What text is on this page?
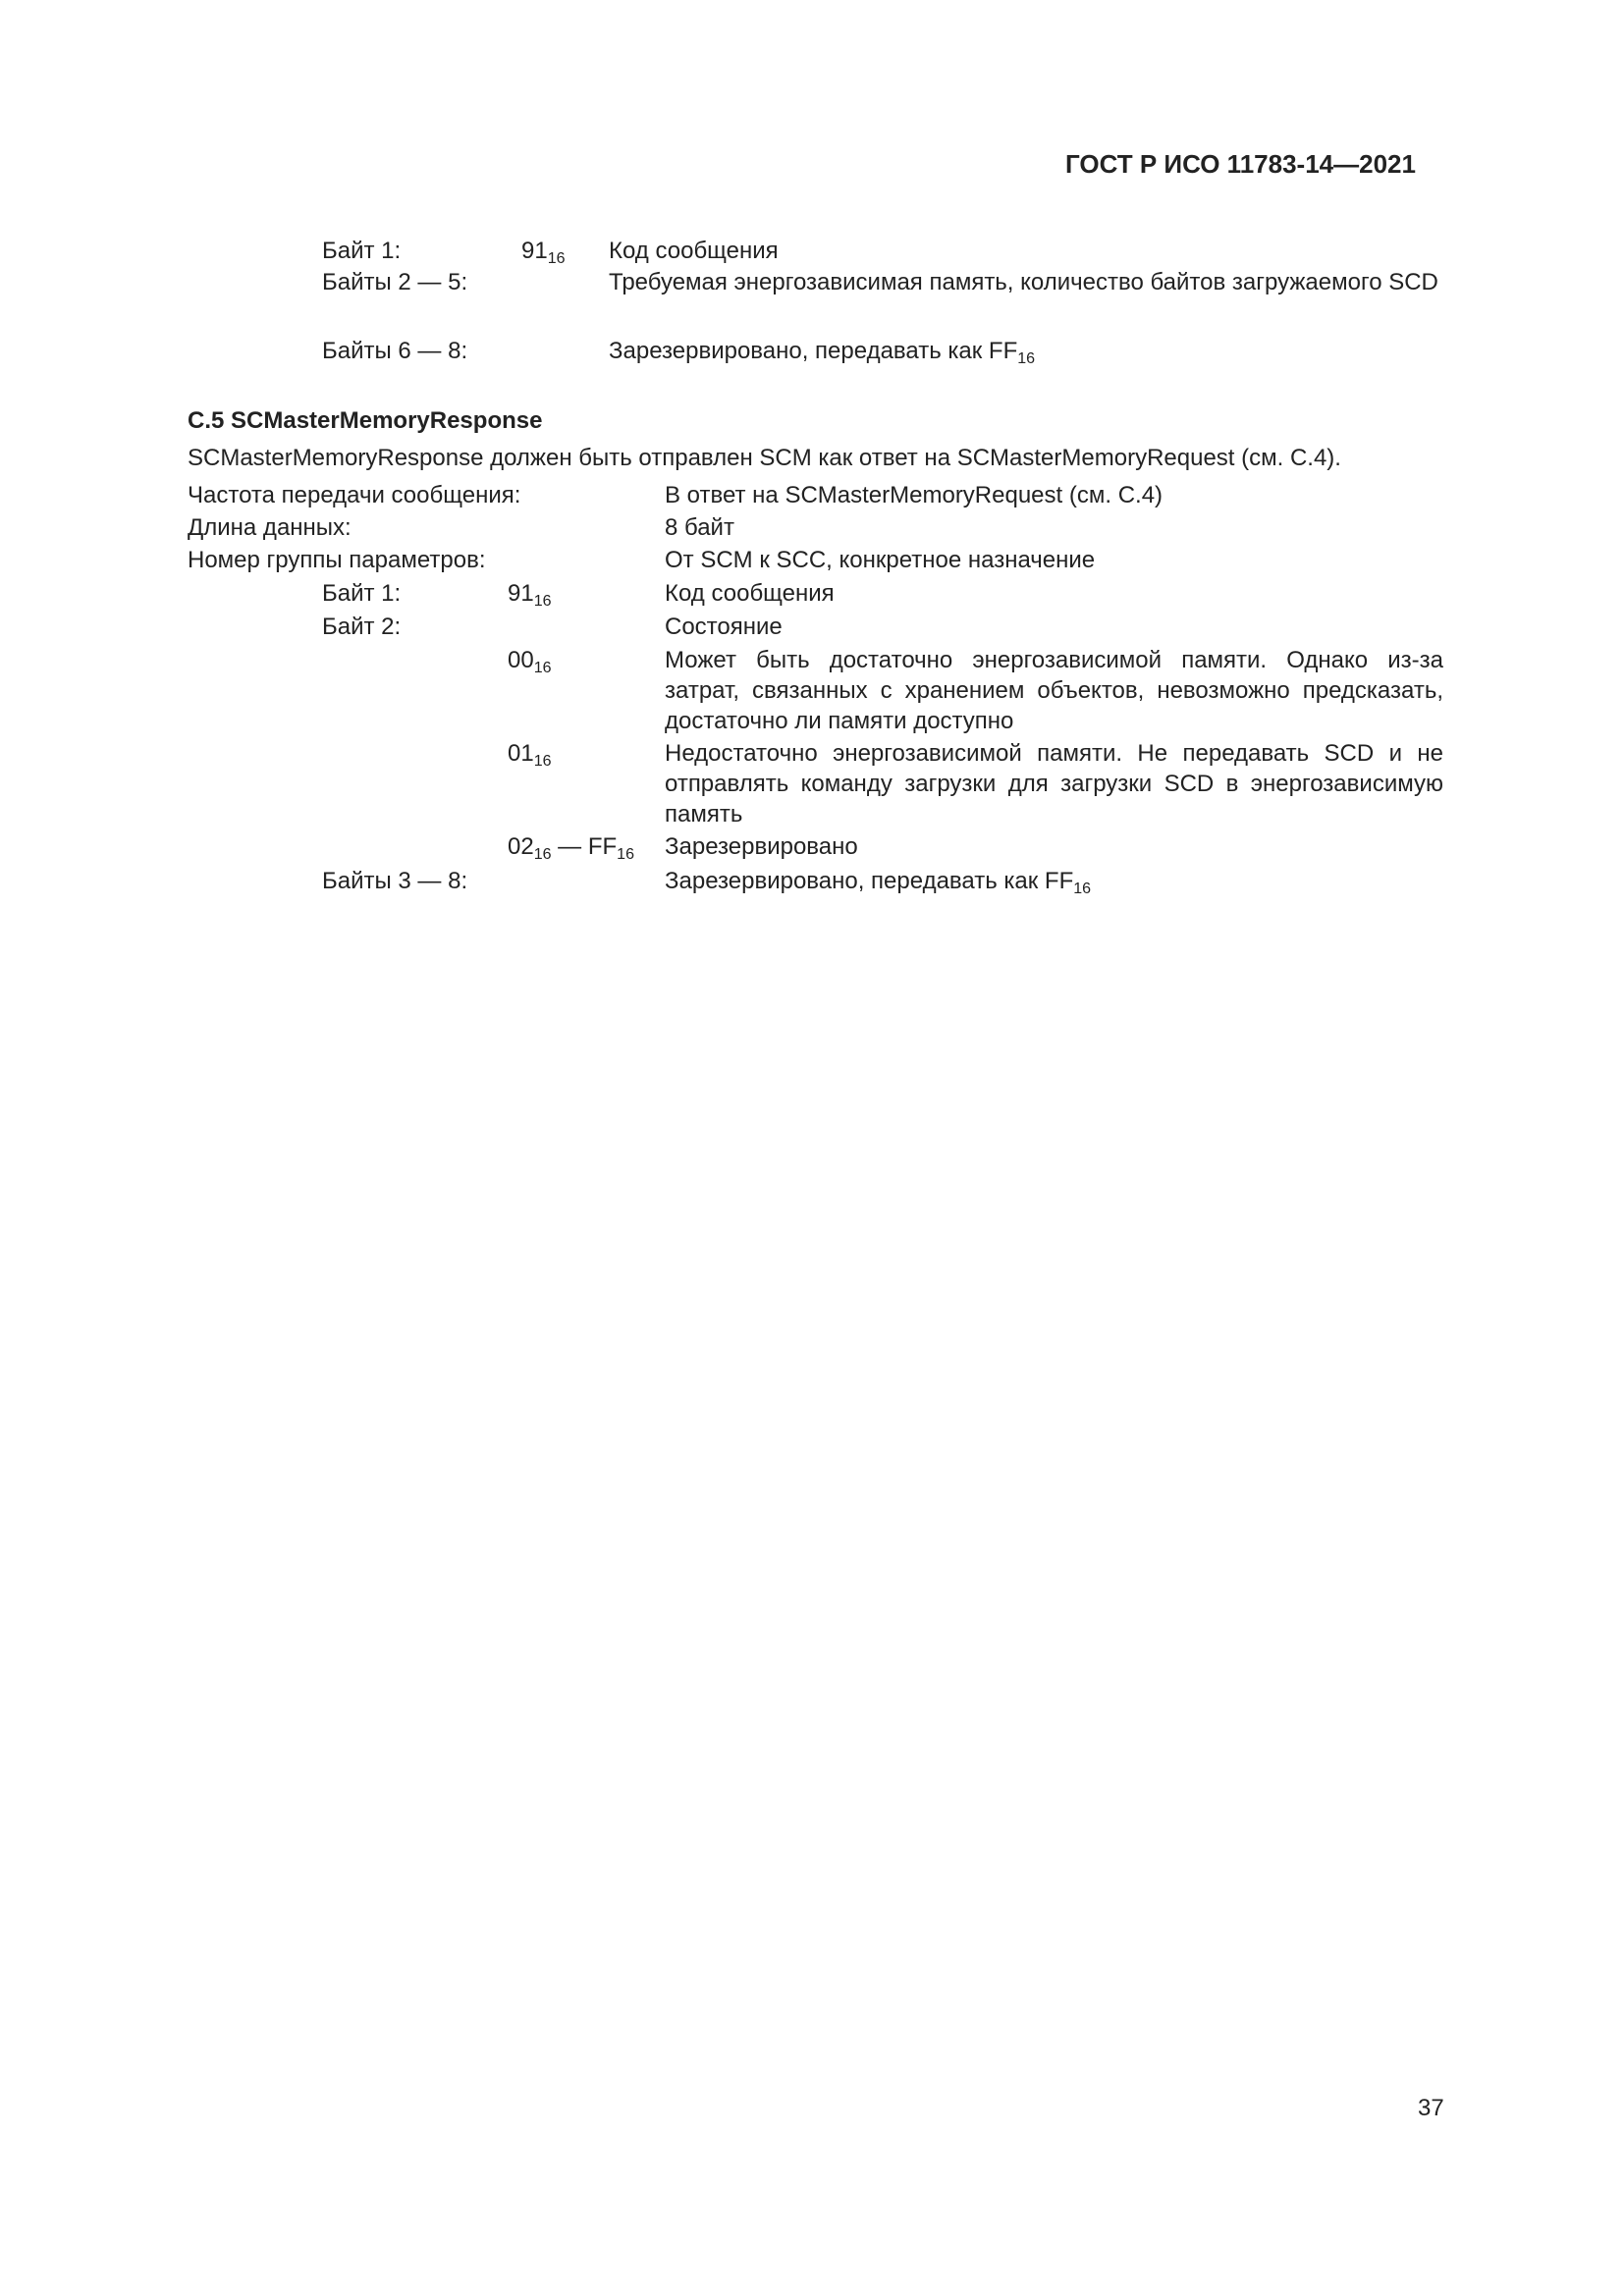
ГОСТ Р ИСО 11783-14—2021
Байт 1:	$91_{16}$ Код сообщения
Байты 2 — 5:	Требуемая энергозависимая память, количество байтов загружаемого SCD
Байты 6 — 8:	Зарезервировано, передавать как $FF_{16}$
С.5 SCMasterMemoryResponse
SCMasterMemoryResponse должен быть отправлен SCM как ответ на SCMasterMemoryRequest (см. С.4).
Частота передачи сообщения:	В ответ на SCMasterMemoryRequest (см. С.4)
Длина данных:	8 байт
Номер группы параметров:	От SCM к SCC, конкретное назначение
Байт 1:	$91_{16}$	Код сообщения
Байт 2:	Состояние
$00_{16}$	Может быть достаточно энергозависимой памяти. Однако из-за затрат, связанных с хранением объектов, невозможно предсказать, достаточно ли памяти доступно
$01_{16}$	Недостаточно энергозависимой памяти. Не передавать SCD и не отправлять команду загрузки для загрузки SCD в энергозависимую память
$02_{16}$ — $FF_{16}$ Зарезервировано
Байты 3 — 8:	Зарезервировано, передавать как $FF_{16}$
37
